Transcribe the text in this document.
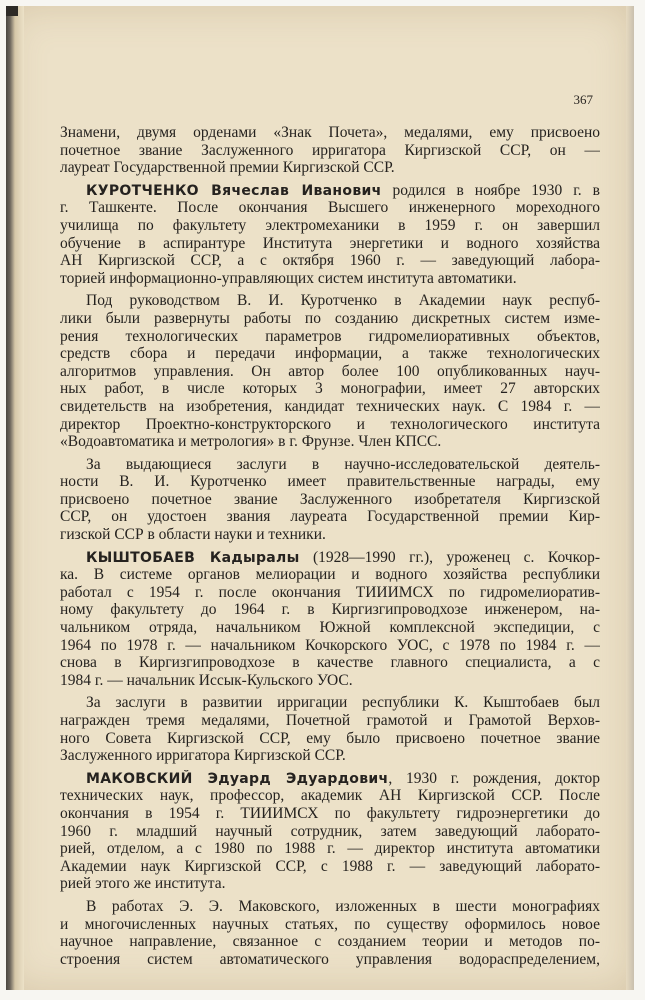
367
Знамени, двумя орденами «Знак Почета», медалями, ему присвоено
почетное звание Заслуженного ирригатора Киргизской ССР, он —
лауреат Государственной премии Киргизской ССР.
КУРОТЧЕНКО Вячеслав Иванович родился в ноябре 1930 г. в
г. Ташкенте. После окончания Высшего инженерного мореходного
училища по факультету электромеханики в 1959 г. он завершил
обучение в аспирантуре Института энергетики и водного хозяйства
АН Киргизской ССР, а с октября 1960 г. — заведующий лабора-
торией информационно-управляющих систем института автоматики.
Под руководством В. И. Куротченко в Академии наук респуб-
лики были развернуты работы по созданию дискретных систем изме-
рения технологических параметров гидромелиоративных объектов,
средств сбора и передачи информации, а также технологических
алгоритмов управления. Он автор более 100 опубликованных науч-
ных работ, в числе которых 3 монографии, имеет 27 авторских
свидетельств на изобретения, кандидат технических наук. С 1984 г. —
директор Проектно-конструкторского и технологического института
«Водоавтоматика и метрология» в г. Фрунзе. Член КПСС.
За выдающиеся заслуги в научно-исследовательской деятель-
ности В. И. Куротченко имеет правительственные награды, ему
присвоено почетное звание Заслуженного изобретателя Киргизской
ССР, он удостоен звания лауреата Государственной премии Кир-
гизской ССР в области науки и техники.
КЫШТОБАЕВ Кадыралы (1928—1990 гг.), уроженец с. Кочкор-
ка. В системе органов мелиорации и водного хозяйства республики
работал с 1954 г. после окончания ТИИИМСХ по гидромелиоратив-
ному факультету до 1964 г. в Киргизгипроводхозе инженером, на-
чальником отряда, начальником Южной комплексной экспедиции, с
1964 по 1978 г. — начальником Кочкорского УОС, с 1978 по 1984 г. —
снова в Киргизгипроводхозе в качестве главного специалиста, а с
1984 г. — начальник Иссык-Кульского УОС.
За заслуги в развитии ирригации республики К. Кыштобаев был
награжден тремя медалями, Почетной грамотой и Грамотой Верхов-
ного Совета Киргизской ССР, ему было присвоено почетное звание
Заслуженного ирригатора Киргизской ССР.
МАКОВСКИЙ Эдуард Эдуардович, 1930 г. рождения, доктор
технических наук, профессор, академик АН Киргизской ССР. После
окончания в 1954 г. ТИИИМСХ по факультету гидроэнергетики до
1960 г. младший научный сотрудник, затем заведующий лаборато-
рией, отделом, а с 1980 по 1988 г. — директор института автоматики
Академии наук Киргизской ССР, с 1988 г. — заведующий лаборато-
рией этого же института.
В работах Э. Э. Маковского, изложенных в шести монографиях
и многочисленных научных статьях, по существу оформилось новое
научное направление, связанное с созданием теории и методов по-
строения систем автоматического управления водораспределением,
